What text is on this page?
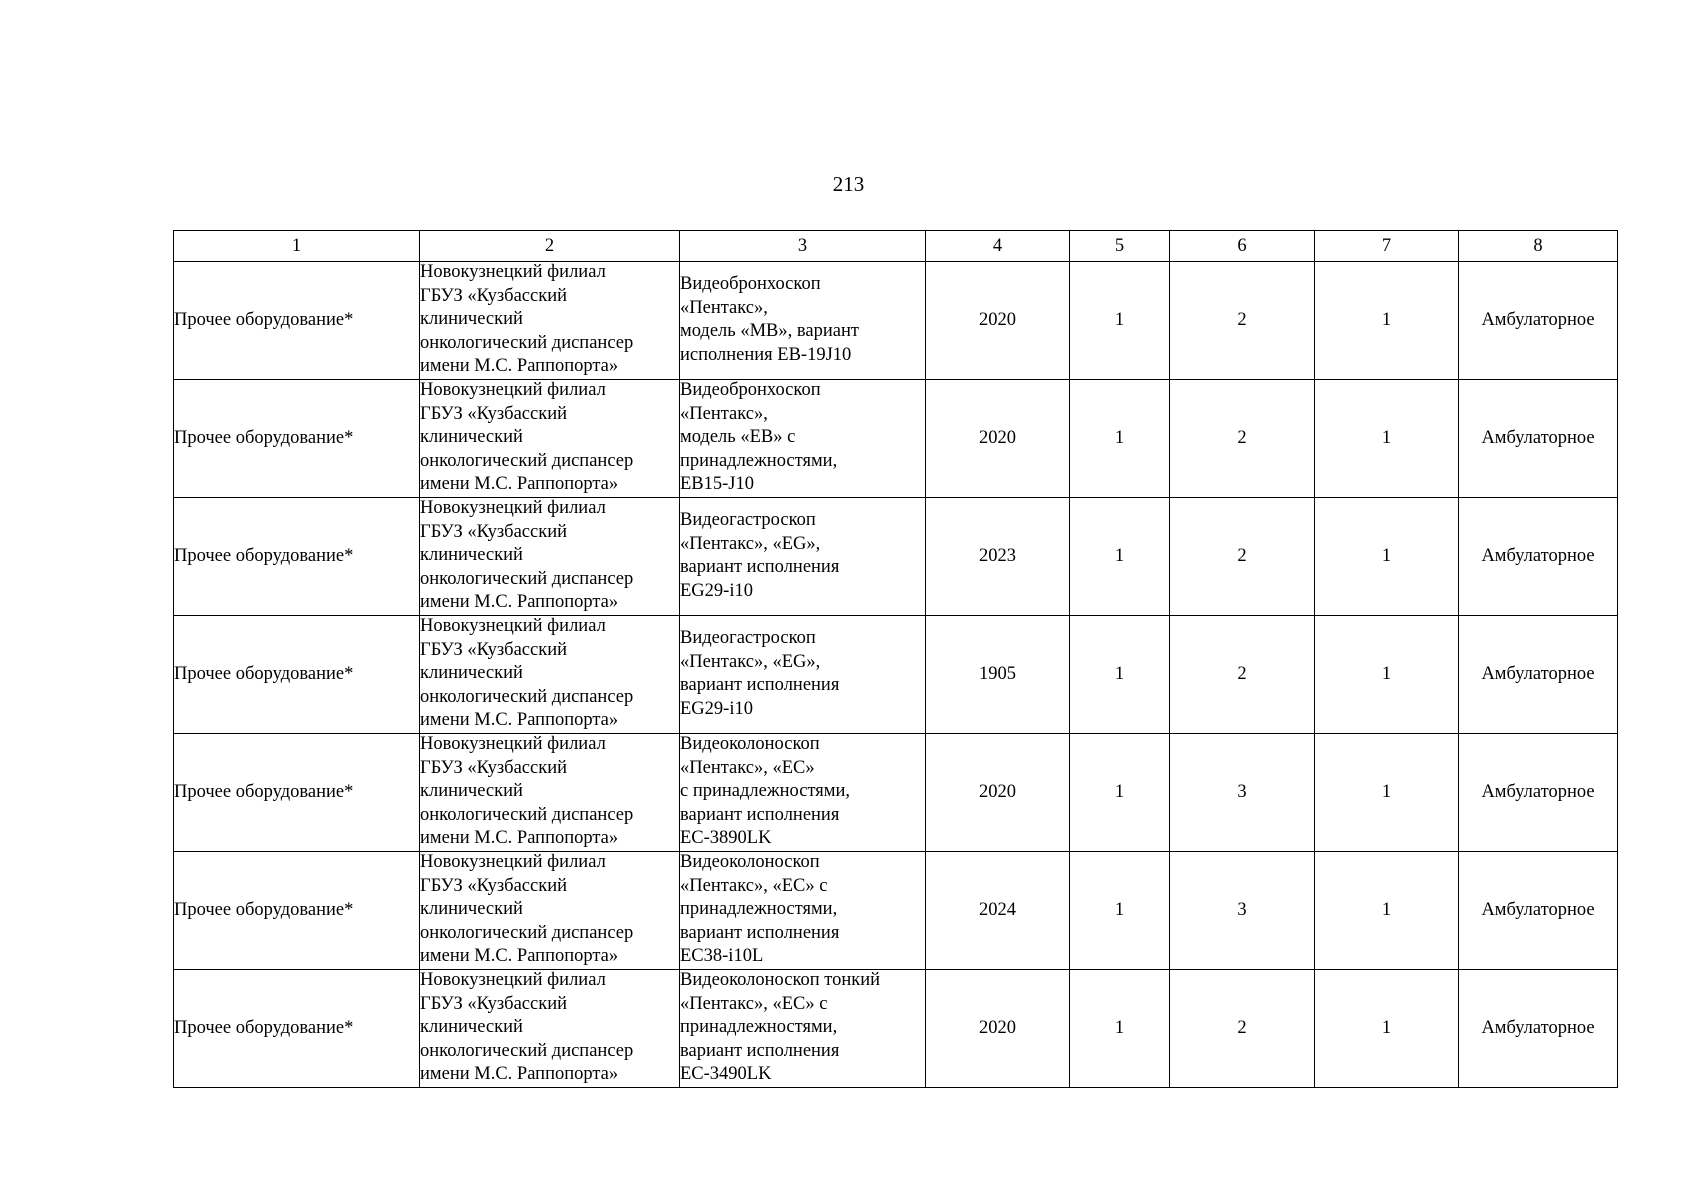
213
1	2	3	4	5	6	7	8
Прочее оборудование*	Новокузнецкий филиал
ГБУЗ «Кузбасский
клинический
онкологический диспансер
имени М.С. Раппопорта»	Видеобронхоскоп
«Пентакс»,
модель «MB», вариант
исполнения EB-19J10	2020	1	2	1	Амбулаторное
Прочее оборудование*	Новокузнецкий филиал
ГБУЗ «Кузбасский
клинический
онкологический диспансер
имени М.С. Раппопорта»	Видеобронхоскоп
«Пентакс»,
модель «EB» с
принадлежностями,
EB15-J10	2020	1	2	1	Амбулаторное
Прочее оборудование*	Новокузнецкий филиал
ГБУЗ «Кузбасский
клинический
онкологический диспансер
имени М.С. Раппопорта»	Видеогастроскоп
«Пентакс», «EG»,
вариант исполнения
EG29-i10	2023	1	2	1	Амбулаторное
Прочее оборудование*	Новокузнецкий филиал
ГБУЗ «Кузбасский
клинический
онкологический диспансер
имени М.С. Раппопорта»	Видеогастроскоп
«Пентакс», «EG»,
вариант исполнения
EG29-i10	1905	1	2	1	Амбулаторное
Прочее оборудование*	Новокузнецкий филиал
ГБУЗ «Кузбасский
клинический
онкологический диспансер
имени М.С. Раппопорта»	Видеоколоноскоп
«Пентакс», «EC»
с принадлежностями,
вариант исполнения
EC-3890LK	2020	1	3	1	Амбулаторное
Прочее оборудование*	Новокузнецкий филиал
ГБУЗ «Кузбасский
клинический
онкологический диспансер
имени М.С. Раппопорта»	Видеоколоноскоп
«Пентакс», «EC» с
принадлежностями,
вариант исполнения
EC38-i10L	2024	1	3	1	Амбулаторное
Прочее оборудование*	Новокузнецкий филиал
ГБУЗ «Кузбасский
клинический
онкологический диспансер
имени М.С. Раппопорта»	Видеоколоноскоп тонкий
«Пентакс», «EC» с
принадлежностями,
вариант исполнения
EC-3490LK	2020	1	2	1	Амбулаторное
